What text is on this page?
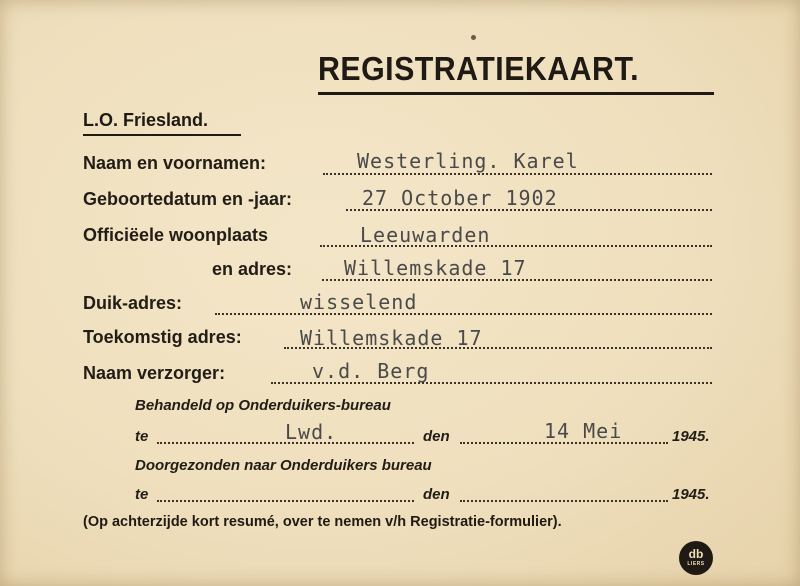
REGISTRATIEKAART.
L.O. Friesland.
Naam en voornamen:	Westerling. Karel
Geboortedatum en -jaar:	27 October 1902
Officiëele woonplaats	Leeuwarden
en adres:	Willemskade 17
Duik-adres:	wisselend
Toekomstig adres:	Willemskade 17
Naam verzorger:	v.d. Berg
Behandeld op Onderduikers-bureau
te	Lwd.	den	14 Mei	1945.
Doorgezonden naar Onderduikers bureau
te	den	1945.
(Op achterzijde kort resumé, over te nemen v/h Registratie-formulier).
db
LIERS
